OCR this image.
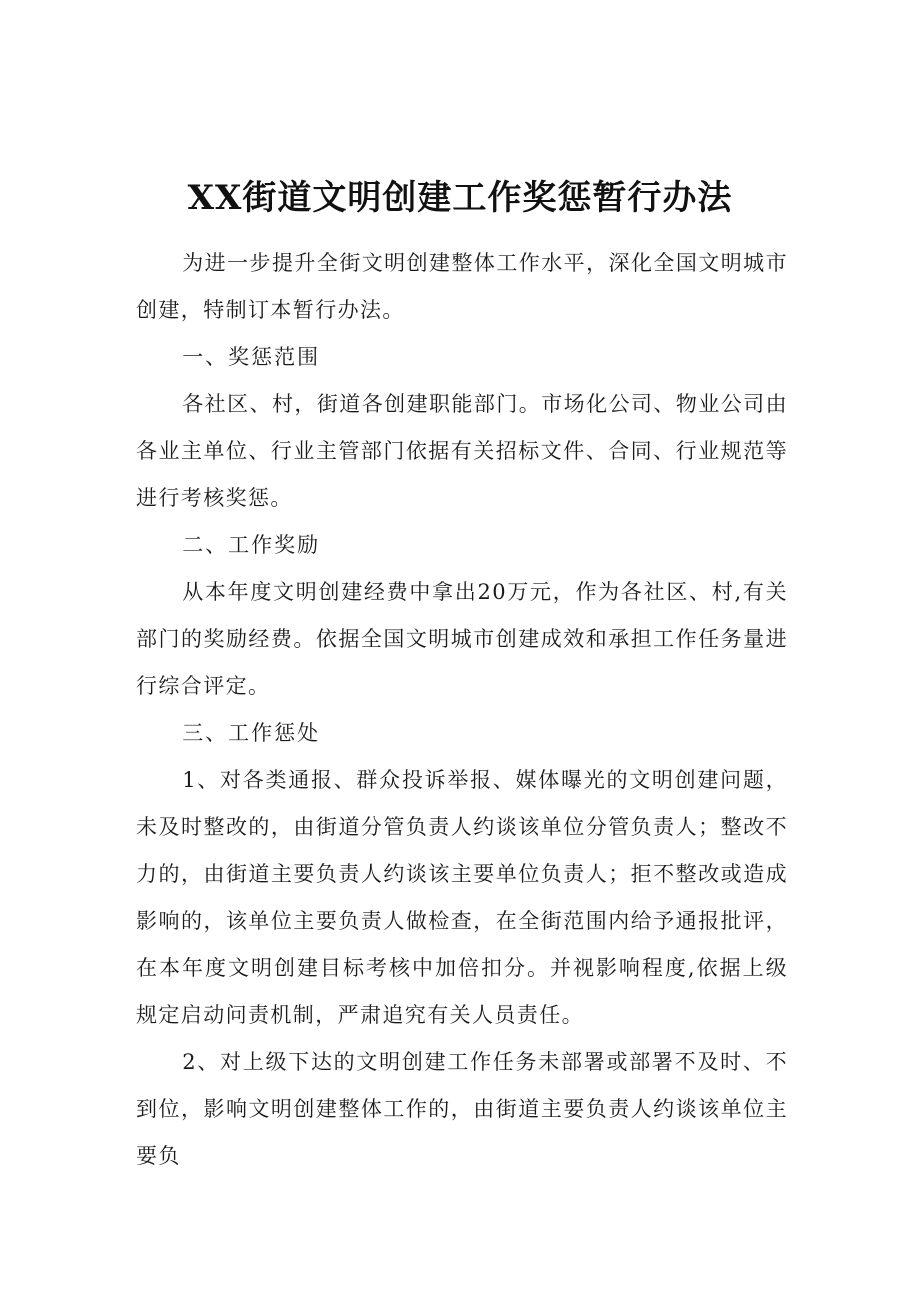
XX街道文明创建工作奖惩暂行办法

为进一步提升全街文明创建整体工作水平，深化全国文明城市创建，特制订本暂行办法。

一、奖惩范围

各社区、村，街道各创建职能部门。市场化公司、物业公司由各业主单位、行业主管部门依据有关招标文件、合同、行业规范等进行考核奖惩。

二、工作奖励

从本年度文明创建经费中拿出20万元，作为各社区、村,有关部门的奖励经费。依据全国文明城市创建成效和承担工作任务量进行综合评定。

三、工作惩处

1、对各类通报、群众投诉举报、媒体曝光的文明创建问题，未及时整改的，由街道分管负责人约谈该单位分管负责人；整改不力的，由街道主要负责人约谈该主要单位负责人；拒不整改或造成影响的，该单位主要负责人做检查，在全街范围内给予通报批评，在本年度文明创建目标考核中加倍扣分。并视影响程度,依据上级规定启动问责机制，严肃追究有关人员责任。

2、对上级下达的文明创建工作任务未部署或部署不及时、不到位，影响文明创建整体工作的，由街道主要负责人约谈该单位主要负
